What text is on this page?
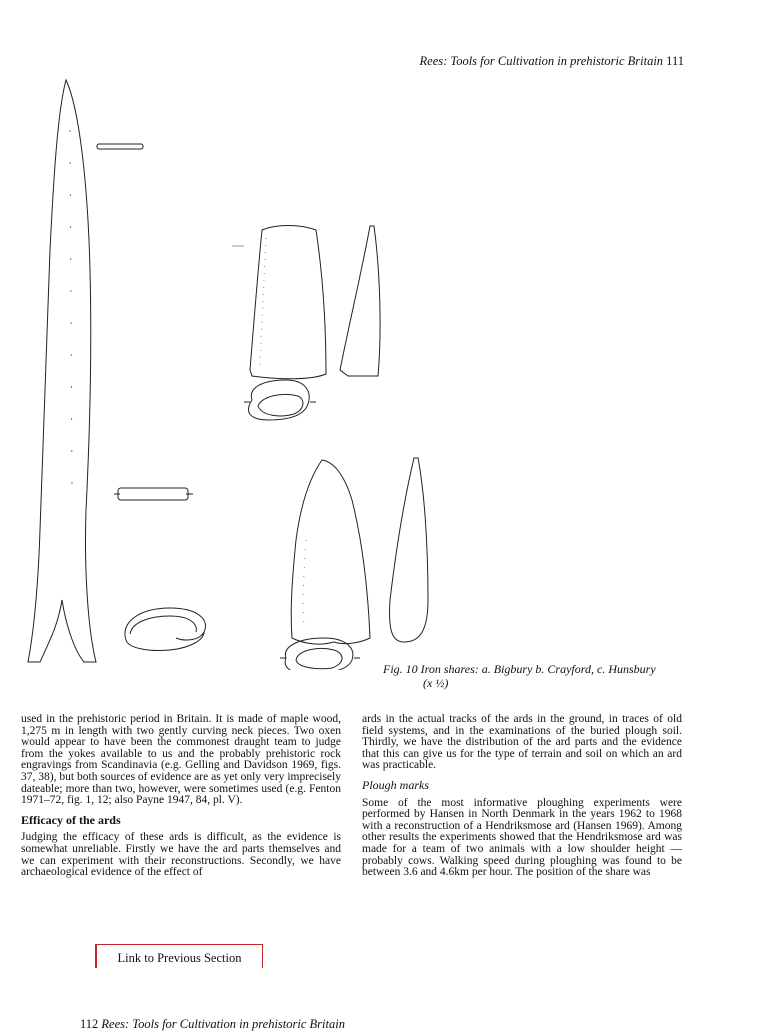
Rees: Tools for Cultivation in prehistoric Britain 111
Fig. 10 Iron shares: a. Bigbury b. Crayford, c. Hunsbury
(x ½)

used in the prehistoric period in Britain. It is made of maple wood, 1,275 m in length with two gently curving neck pieces. Two oxen would appear to have been the commonest draught team to judge from the yokes available to us and the probably prehistoric rock engravings from Scandinavia (e.g. Gelling and Davidson 1969, figs. 37, 38), but both sources of evidence are as yet only very imprecisely dateable; more than two, however, were sometimes used (e.g. Fenton 1971–72, fig. 1, 12; also Payne 1947, 84, pl. V).

Efficacy of the ards

Judging the efficacy of these ards is difficult, as the evidence is somewhat unreliable. Firstly we have the ard parts themselves and we can experiment with their reconstructions. Secondly, we have archaeological evidence of the effect of

ards in the actual tracks of the ards in the ground, in traces of old field systems, and in the examinations of the buried plough soil. Thirdly, we have the distribution of the ard parts and the evidence that this can give us for the type of terrain and soil on which an ard was practicable.

Plough marks

Some of the most informative ploughing experiments were performed by Hansen in North Denmark in the years 1962 to 1968 with a reconstruction of a Hendriksmose ard (Hansen 1969). Among other results the experiments showed that the Hendriksmose ard was made for a team of two animals with a low shoulder height — probably cows. Walking speed during ploughing was found to be between 3.6 and 4.6km per hour. The position of the share was

Link to Previous Section
112 Rees: Tools for Cultivation in prehistoric Britain
